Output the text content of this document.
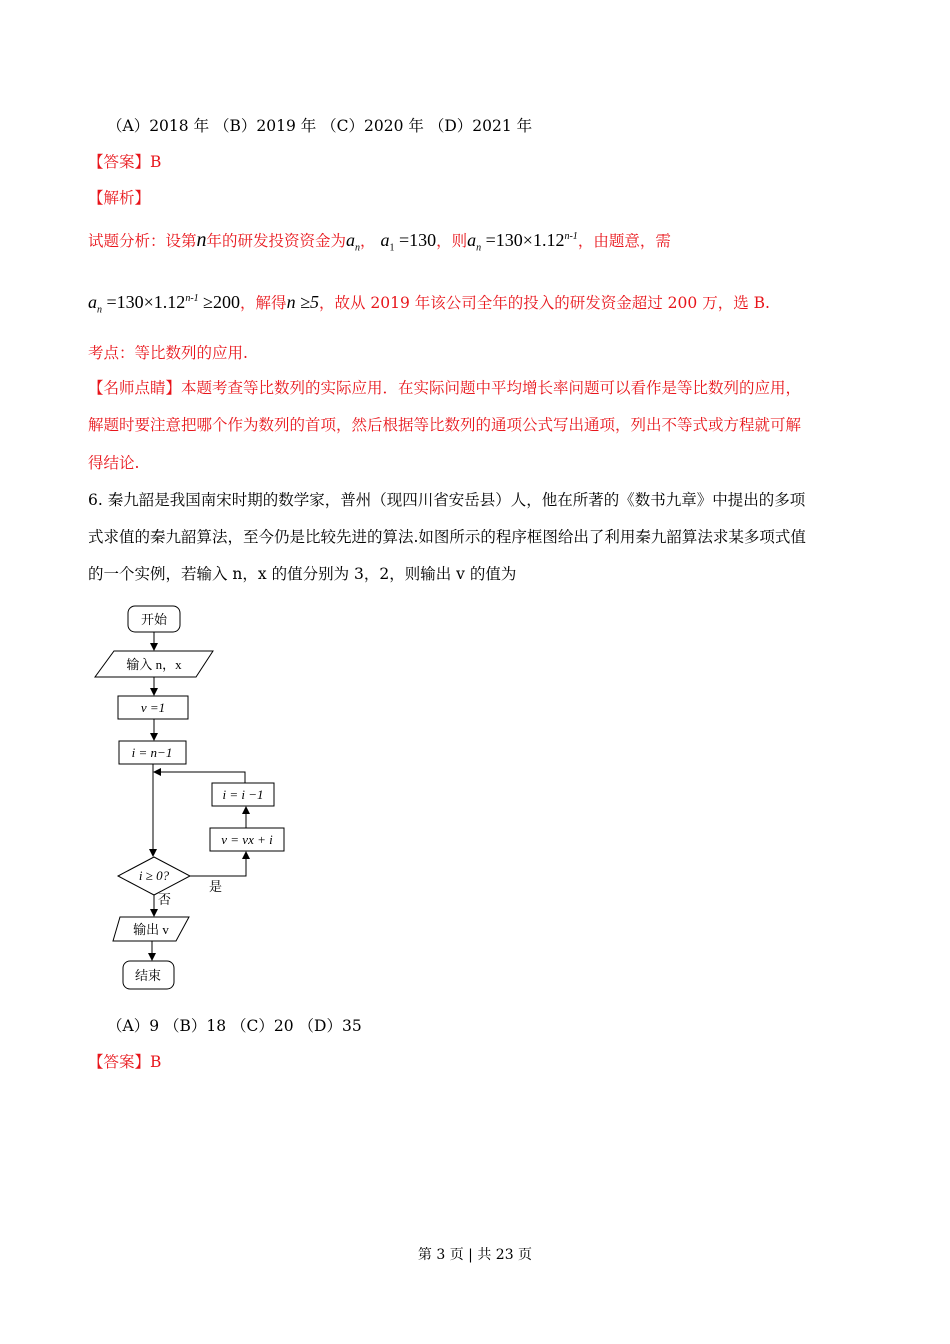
（A）2018 年 （B）2019 年 （C）2020 年 （D）2021 年
【答案】B
【解析】
试题分析：设第n年的研发投资资金为$a_n$， $a_1 =130$，则$a_n =130\times 1.12^{n-1}$，由题意，需
$a_n =130\times 1.12^{n-1} \ge 200$，解得n ≥5，故从 2019 年该公司全年的投入的研发资金超过 200 万，选 B.
考点：等比数列的应用.
【名师点睛】本题考查等比数列的实际应用．在实际问题中平均增长率问题可以看作是等比数列的应用，
解题时要注意把哪个作为数列的首项，然后根据等比数列的通项公式写出通项，列出不等式或方程就可解
得结论.
6. 秦九韶是我国南宋时期的数学家，普州（现四川省安岳县）人，他在所著的《数书九章》中提出的多项
式求值的秦九韶算法，至今仍是比较先进的算法.如图所示的程序框图给出了利用秦九韶算法求某多项式值
的一个实例，若输入 n，x 的值分别为 3，2，则输出 v 的值为
开始
输入 n，x
v =1
i = n−1
i = i −1
v = vx + i
i ≥ 0?
是
否
输出 v
结束
（A）9 （B）18 （C）20 （D）35
【答案】B
第 3 页 | 共 23 页
